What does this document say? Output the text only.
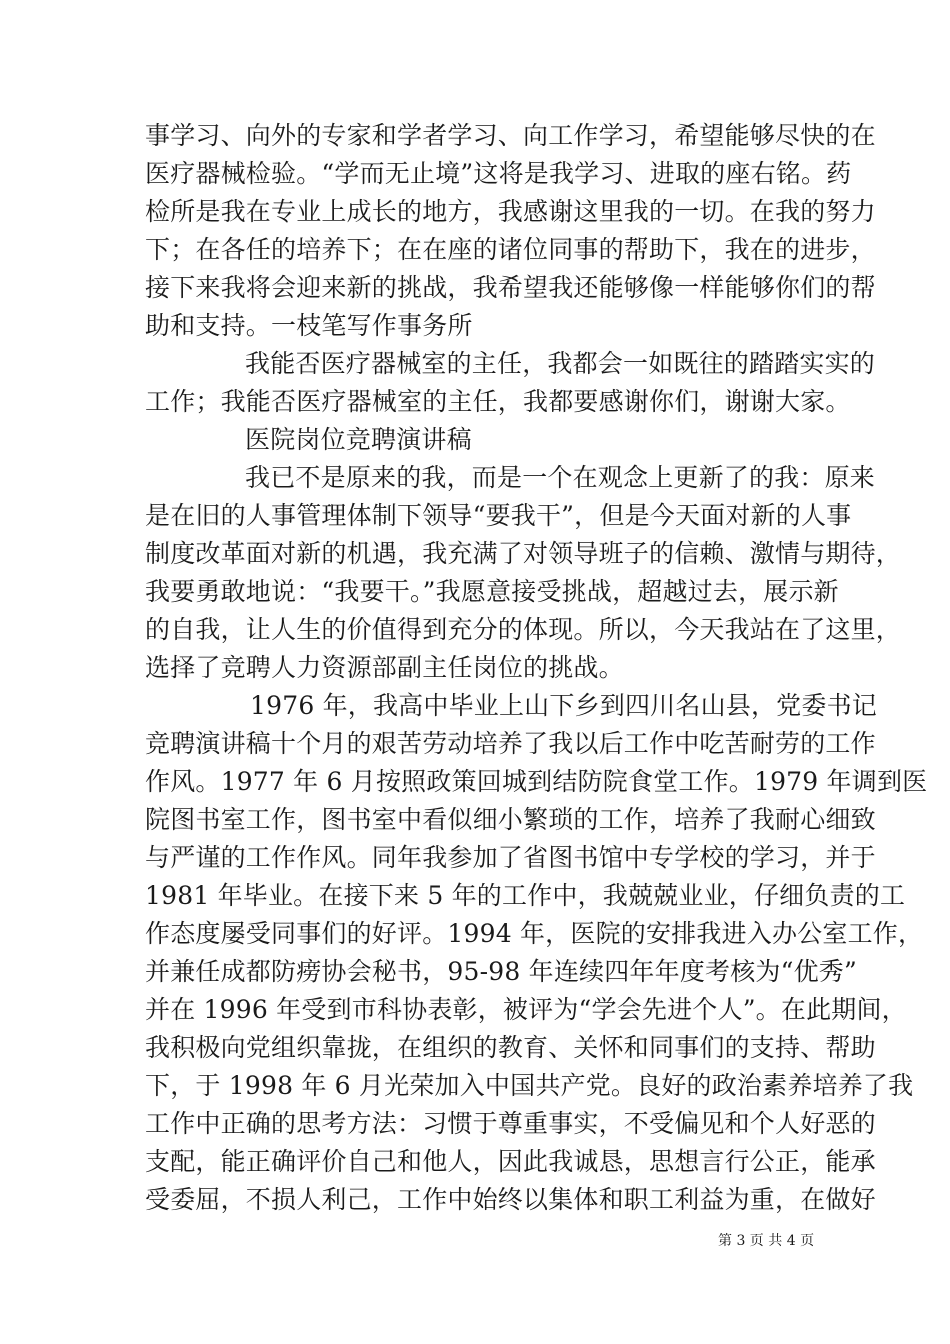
事学习、向外的专家和学者学习、向工作学习，希望能够尽快的在
医疗器械检验。“学而无止境”这将是我学习、进取的座右铭。药
检所是我在专业上成长的地方，我感谢这里我的一切。在我的努力
下；在各任的培养下；在在座的诸位同事的帮助下，我在的进步，
接下来我将会迎来新的挑战，我希望我还能够像一样能够你们的帮
助和支持。一枝笔写作事务所
我能否医疗器械室的主任，我都会一如既往的踏踏实实的
工作；我能否医疗器械室的主任，我都要感谢你们，谢谢大家。
医院岗位竞聘演讲稿
我已不是原来的我，而是一个在观念上更新了的我：原来
是在旧的人事管理体制下领导“要我干”，但是今天面对新的人事
制度改革面对新的机遇，我充满了对领导班子的信赖、激情与期待，
我要勇敢地说：“我要干。”我愿意接受挑战，超越过去，展示新
的自我，让人生的价值得到充分的体现。所以，今天我站在了这里，
选择了竞聘人力资源部副主任岗位的挑战。
1976 年，我高中毕业上山下乡到四川名山县，党委书记
竞聘演讲稿十个月的艰苦劳动培养了我以后工作中吃苦耐劳的工作
作风。1977 年 6 月按照政策回城到结防院食堂工作。1979 年调到医
院图书室工作，图书室中看似细小繁琐的工作，培养了我耐心细致
与严谨的工作作风。同年我参加了省图书馆中专学校的学习，并于
1981 年毕业。在接下来 5 年的工作中，我兢兢业业，仔细负责的工
作态度屡受同事们的好评。1994 年，医院的安排我进入办公室工作，
并兼任成都防痨协会秘书，95-98 年连续四年年度考核为“优秀”
并在 1996 年受到市科协表彰，被评为“学会先进个人”。在此期间，
我积极向党组织靠拢，在组织的教育、关怀和同事们的支持、帮助
下，于 1998 年 6 月光荣加入中国共产党。良好的政治素养培养了我
工作中正确的思考方法：习惯于尊重事实，不受偏见和个人好恶的
支配，能正确评价自己和他人，因此我诚恳，思想言行公正，能承
受委屈，不损人利己，工作中始终以集体和职工利益为重，在做好
第 3 页 共 4 页
